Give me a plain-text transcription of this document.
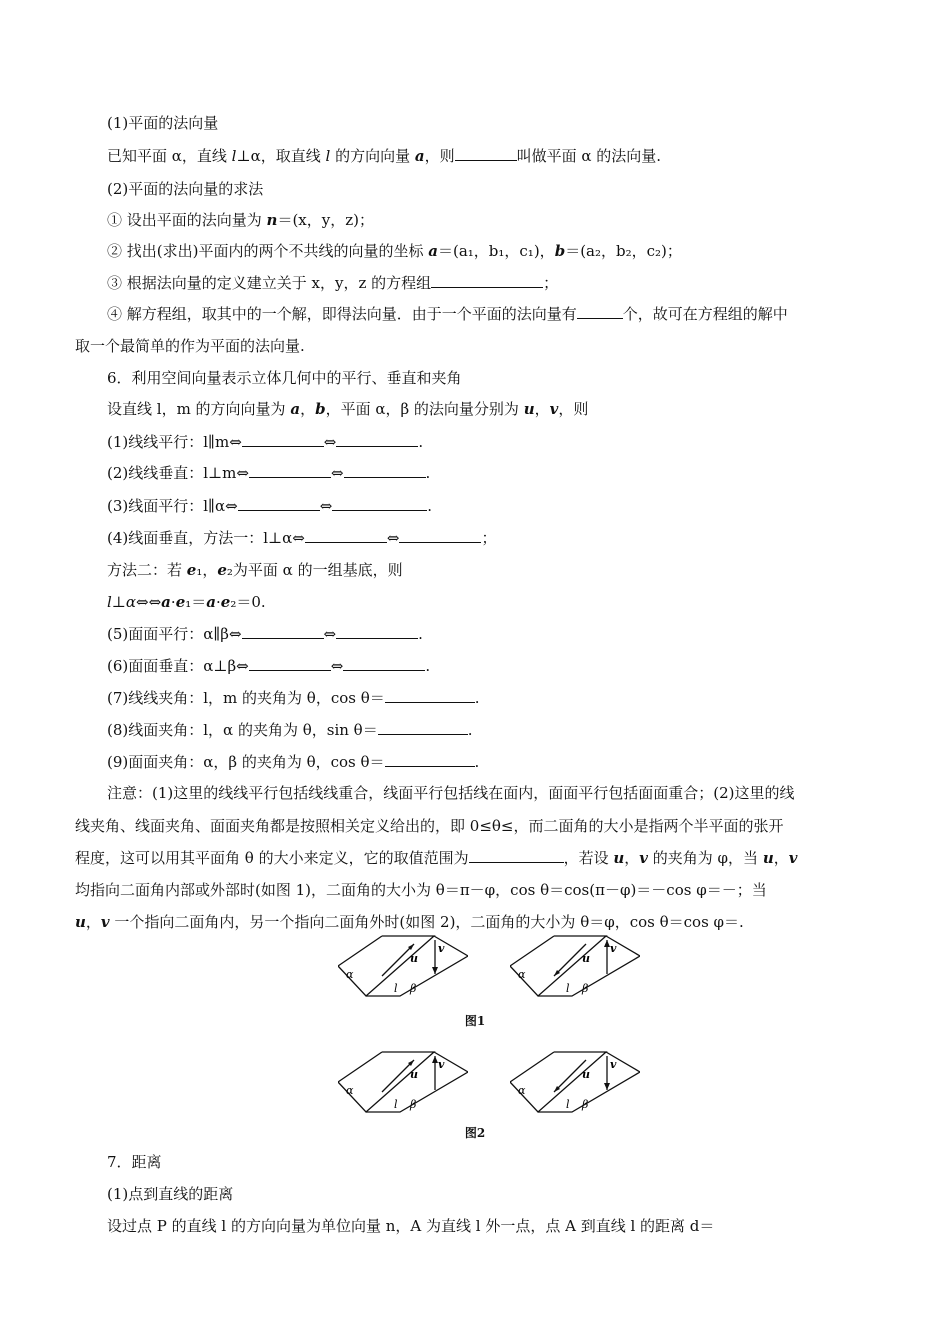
(1)平面的法向量
已知平面 α，直线 l⊥α，取直线 l 的方向向量 a，则	叫做平面 α 的法向量.
(2)平面的法向量的求法
① 设出平面的法向量为 n＝(x，y，z)；
② 找出(求出)平面内的两个不共线的向量的坐标 a＝(a₁，b₁，c₁)，b＝(a₂，b₂，c₂)；
③ 根据法向量的定义建立关于 x，y，z 的方程组	；
④ 解方程组，取其中的一个解，即得法向量．由于一个平面的法向量有	个，故可在方程组的解中
取一个最简单的作为平面的法向量.
6．利用空间向量表示立体几何中的平行、垂直和夹角
设直线 l，m 的方向向量为 a，b，平面 α，β 的法向量分别为 u，v，则
(1)线线平行：l∥m⇔	⇔	.
(2)线线垂直：l⊥m⇔	⇔	.
(3)线面平行：l∥α⇔	⇔	.
(4)线面垂直，方法一：l⊥α⇔	⇔	；
方法二：若 e₁，e₂为平面 α 的一组基底，则
l⊥α⇔⇔a·e₁＝a·e₂＝0.
(5)面面平行：α∥β⇔	⇔	.
(6)面面垂直：α⊥β⇔	⇔	.
(7)线线夹角：l，m 的夹角为 θ，cos θ＝	.
(8)线面夹角：l，α 的夹角为 θ，sin θ＝	.
(9)面面夹角：α，β 的夹角为 θ，cos θ＝	.
注意：(1)这里的线线平行包括线线重合，线面平行包括线在面内，面面平行包括面面重合；(2)这里的线
线夹角、线面夹角、面面夹角都是按照相关定义给出的，即 0≤θ≤，而二面角的大小是指两个半平面的张开
程度，这可以用其平面角 θ 的大小来定义，它的取值范围为	，若设 u，v 的夹角为 φ，当 u，v
均指向二面角内部或外部时(如图 1)，二面角的大小为 θ＝π－φ，cos θ＝cos(π－φ)＝－cos φ＝－；当
u，v 一个指向二面角内，另一个指向二面角外时(如图 2)，二面角的大小为 θ＝φ，cos θ＝cos φ＝.
α
u
v
l β
α
u
v
l β
图1
α
u
v
l β
α
u
v
l β
图2
7．距离
(1)点到直线的距离
设过点 P 的直线 l 的方向向量为单位向量 n，A 为直线 l 外一点，点 A 到直线 l 的距离 d＝
